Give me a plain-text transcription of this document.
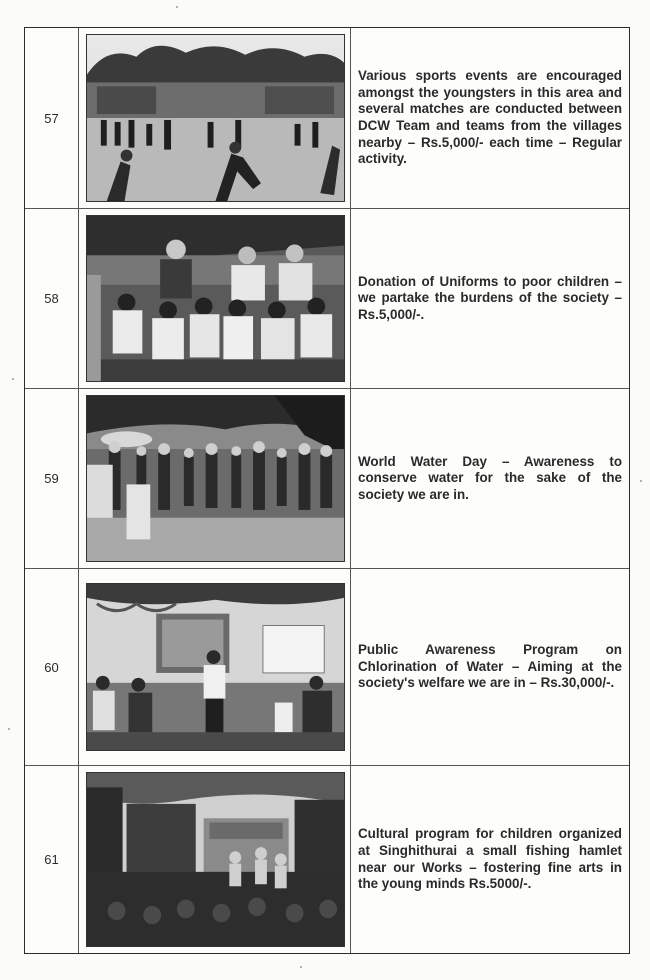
57
Various sports events are encouraged amongst the youngsters in this area and several matches are conducted between DCW Team and teams from the villages nearby – Rs.5,000/- each time – Regular activity.
58
Donation of Uniforms to poor children – we partake the burdens of the society – Rs.5,000/-.
59
World Water Day – Awareness to conserve water for the sake of the society we are in.
60
Public Awareness Program on Chlorination of Water – Aiming at the society's welfare we are in – Rs.30,000/-.
61
Cultural program for children organized at Singhithurai a small fishing hamlet near our Works – fostering fine arts in the young minds Rs.5000/-.
